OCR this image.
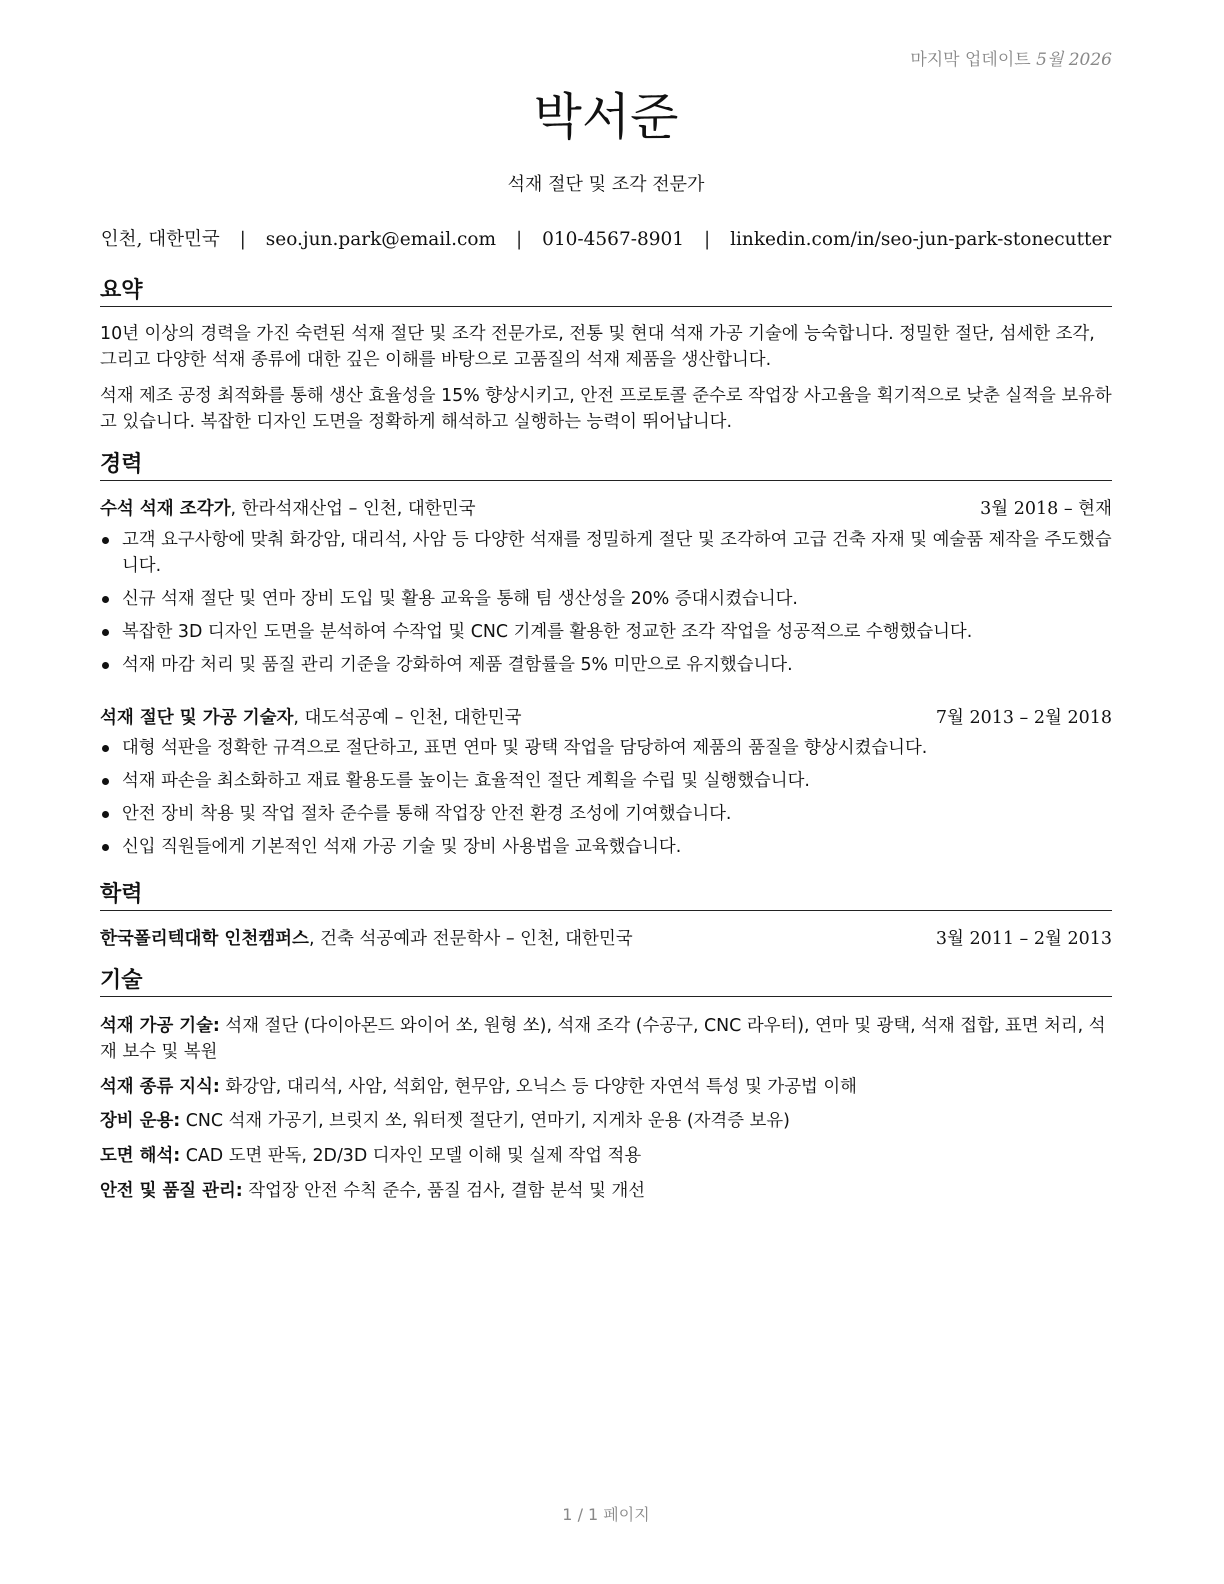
마지막 업데이트 5월 2026
박서준
석재 절단 및 조각 전문가
인천, 대한민국 | seo.jun.park@email.com | 010-4567-8901 | linkedin.com/in/seo-jun-park-stonecutter
요약

10년 이상의 경력을 가진 숙련된 석재 절단 및 조각 전문가로, 전통 및 현대 석재 가공 기술에 능숙합니다. 정밀한 절단, 섬세한 조각, 그리고 다양한 석재 종류에 대한 깊은 이해를 바탕으로 고품질의 석재 제품을 생산합니다.

석재 제조 공정 최적화를 통해 생산 효율성을 15% 향상시키고, 안전 프로토콜 준수로 작업장 사고율을 획기적으로 낮춘 실적을 보유하고 있습니다. 복잡한 디자인 도면을 정확하게 해석하고 실행하는 능력이 뛰어납니다.

경력
수석 석재 조각가, 한라석재산업 – 인천, 대한민국	3월 2018 – 현재
고객 요구사항에 맞춰 화강암, 대리석, 사암 등 다양한 석재를 정밀하게 절단 및 조각하여 고급 건축 자재 및 예술품 제작을 주도했습니다.
신규 석재 절단 및 연마 장비 도입 및 활용 교육을 통해 팀 생산성을 20% 증대시켰습니다.
복잡한 3D 디자인 도면을 분석하여 수작업 및 CNC 기계를 활용한 정교한 조각 작업을 성공적으로 수행했습니다.
석재 마감 처리 및 품질 관리 기준을 강화하여 제품 결함률을 5% 미만으로 유지했습니다.
석재 절단 및 가공 기술자, 대도석공예 – 인천, 대한민국	7월 2013 – 2월 2018
대형 석판을 정확한 규격으로 절단하고, 표면 연마 및 광택 작업을 담당하여 제품의 품질을 향상시켰습니다.
석재 파손을 최소화하고 재료 활용도를 높이는 효율적인 절단 계획을 수립 및 실행했습니다.
안전 장비 착용 및 작업 절차 준수를 통해 작업장 안전 환경 조성에 기여했습니다.
신입 직원들에게 기본적인 석재 가공 기술 및 장비 사용법을 교육했습니다.
학력
한국폴리텍대학 인천캠퍼스, 건축 석공예과 전문학사 – 인천, 대한민국	3월 2011 – 2월 2013
기술

석재 가공 기술: 석재 절단 (다이아몬드 와이어 쏘, 원형 쏘), 석재 조각 (수공구, CNC 라우터), 연마 및 광택, 석재 접합, 표면 처리, 석재 보수 및 복원

석재 종류 지식: 화강암, 대리석, 사암, 석회암, 현무암, 오닉스 등 다양한 자연석 특성 및 가공법 이해

장비 운용: CNC 석재 가공기, 브릿지 쏘, 워터젯 절단기, 연마기, 지게차 운용 (자격증 보유)

도면 해석: CAD 도면 판독, 2D/3D 디자인 모델 이해 및 실제 작업 적용

안전 및 품질 관리: 작업장 안전 수칙 준수, 품질 검사, 결함 분석 및 개선

1 / 1 페이지
